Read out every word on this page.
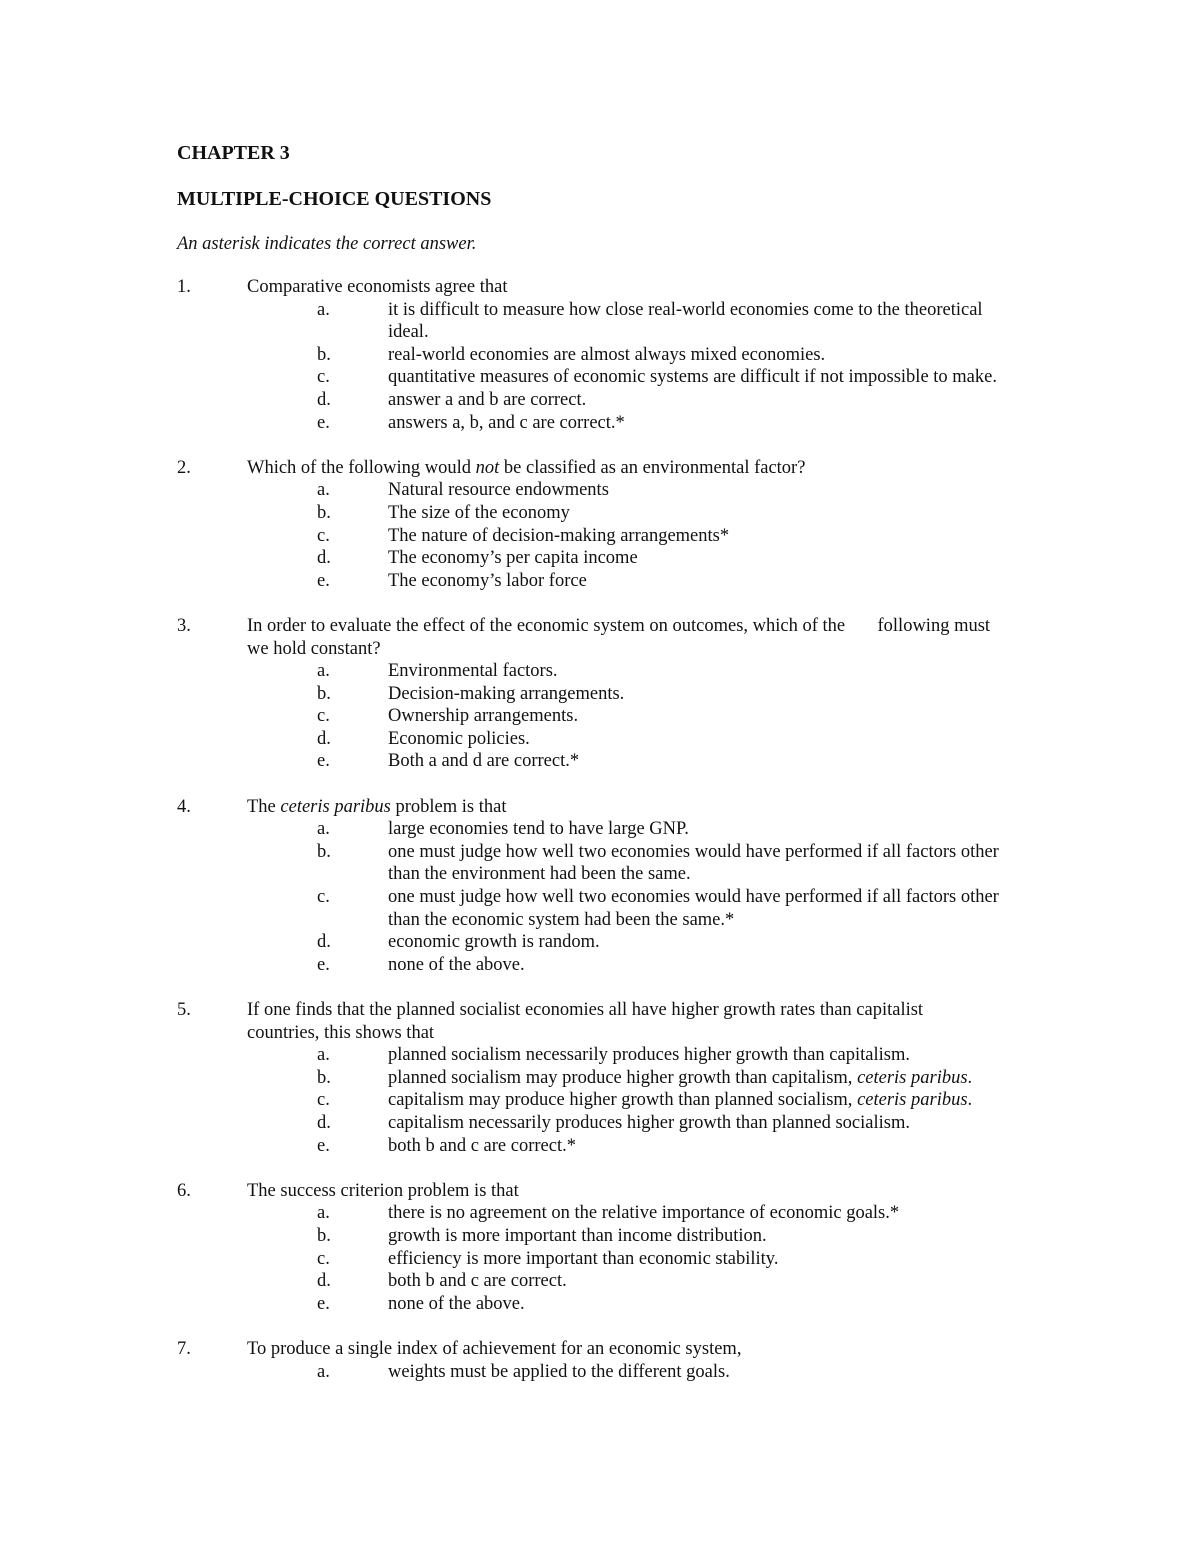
CHAPTER 3
MULTIPLE-CHOICE QUESTIONS
An asterisk indicates the correct answer.
1.	Comparative economists agree that
a.	it is difficult to measure how close real-world economies come to the theoretical ideal.
b.	real-world economies are almost always mixed economies.
c.	quantitative measures of economic systems are difficult if not impossible to make.
d.	answer a and b are correct.
e.	answers a, b, and c are correct.*
2.	Which of the following would not be classified as an environmental factor?
a.	Natural resource endowments
b.	The size of the economy
c.	The nature of decision-making arrangements*
d.	The economy’s per capita income
e.	The economy’s labor force
3.	In order to evaluate the effect of the economic system on outcomes, which of the       following must we hold constant?
a.	Environmental factors.
b.	Decision-making arrangements.
c.	Ownership arrangements.
d.	Economic policies.
e.	Both a and d are correct.*
4.	The ceteris paribus problem is that
a.	large economies tend to have large GNP.
b.	one must judge how well two economies would have performed if all factors other than the environment had been the same.
c.	one must judge how well two economies would have performed if all factors other than the economic system had been the same.*
d.	economic growth is random.
e.	none of the above.
5.	If one finds that the planned socialist economies all have higher growth rates than capitalist countries, this shows that
a.	planned socialism necessarily produces higher growth than capitalism.
b.	planned socialism may produce higher growth than capitalism, ceteris paribus.
c.	capitalism may produce higher growth than planned socialism, ceteris paribus.
d.	capitalism necessarily produces higher growth than planned socialism.
e.	both b and c are correct.*
6.	The success criterion problem is that
a.	there is no agreement on the relative importance of economic goals.*
b.	growth is more important than income distribution.
c.	efficiency is more important than economic stability.
d.	both b and c are correct.
e.	none of the above.
7.	To produce a single index of achievement for an economic system,
a.	weights must be applied to the different goals.
